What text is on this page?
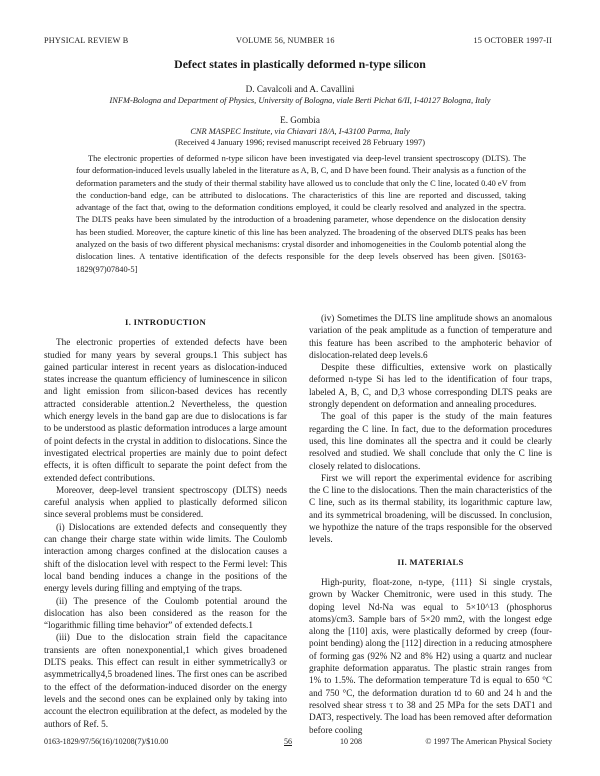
PHYSICAL REVIEW B	VOLUME 56, NUMBER 16	15 OCTOBER 1997-II
Defect states in plastically deformed n-type silicon
D. Cavalcoli and A. Cavallini
INFM-Bologna and Department of Physics, University of Bologna, viale Berti Pichat 6/II, I-40127 Bologna, Italy
E. Gombia
CNR MASPEC Institute, via Chiavari 18/A, I-43100 Parma, Italy
(Received 4 January 1996; revised manuscript received 28 February 1997)
The electronic properties of deformed n-type silicon have been investigated via deep-level transient spectroscopy (DLTS). The four deformation-induced levels usually labeled in the literature as A, B, C, and D have been found. Their analysis as a function of the deformation parameters and the study of their thermal stability have allowed us to conclude that only the C line, located 0.40 eV from the conduction-band edge, can be attributed to dislocations. The characteristics of this line are reported and discussed, taking advantage of the fact that, owing to the deformation conditions employed, it could be clearly resolved and analyzed in the spectra. The DLTS peaks have been simulated by the introduction of a broadening parameter, whose dependence on the dislocation density has been studied. Moreover, the capture kinetic of this line has been analyzed. The broadening of the observed DLTS peaks has been analyzed on the basis of two different physical mechanisms: crystal disorder and inhomogeneities in the Coulomb potential along the dislocation lines. A tentative identification of the defects responsible for the deep levels observed has been given. [S0163-1829(97)07840-5]
I. INTRODUCTION

The electronic properties of extended defects have been studied for many years by several groups.1 This subject has gained particular interest in recent years as dislocation-induced states increase the quantum efficiency of luminescence in silicon and light emission from silicon-based devices has recently attracted considerable attention.2 Nevertheless, the question which energy levels in the band gap are due to dislocations is far to be understood as plastic deformation introduces a large amount of point defects in the crystal in addition to dislocations. Since the investigated electrical properties are mainly due to point defect effects, it is often difficult to separate the point defect from the extended defect contributions.

Moreover, deep-level transient spectroscopy (DLTS) needs careful analysis when applied to plastically deformed silicon since several problems must be considered.

(i) Dislocations are extended defects and consequently they can change their charge state within wide limits. The Coulomb interaction among charges confined at the dislocation causes a shift of the dislocation level with respect to the Fermi level: This local band bending induces a change in the positions of the energy levels during filling and emptying of the traps.

(ii) The presence of the Coulomb potential around the dislocation has also been considered as the reason for the “logarithmic filling time behavior” of extended defects.1

(iii) Due to the dislocation strain field the capacitance transients are often nonexponential,1 which gives broadened DLTS peaks. This effect can result in either symmetrically3 or asymmetrically4,5 broadened lines. The first ones can be ascribed to the effect of the deformation-induced disorder on the energy levels and the second ones can be explained only by taking into account the electron equilibration at the defect, as modeled by the authors of Ref. 5.

(iv) Sometimes the DLTS line amplitude shows an anomalous variation of the peak amplitude as a function of temperature and this feature has been ascribed to the amphoteric behavior of dislocation-related deep levels.6

Despite these difficulties, extensive work on plastically deformed n-type Si has led to the identification of four traps, labeled A, B, C, and D,3 whose corresponding DLTS peaks are strongly dependent on deformation and annealing procedures.

The goal of this paper is the study of the main features regarding the C line. In fact, due to the deformation procedures used, this line dominates all the spectra and it could be clearly resolved and studied. We shall conclude that only the C line is closely related to dislocations.

First we will report the experimental evidence for ascribing the C line to the dislocations. Then the main characteristics of the C line, such as its thermal stability, its logarithmic capture law, and its symmetrical broadening, will be discussed. In conclusion, we hypothize the nature of the traps responsible for the observed levels.

II. MATERIALS

High-purity, float-zone, n-type, {111} Si single crystals, grown by Wacker Chemitronic, were used in this study. The doping level Nd-Na was equal to 5×10^13 (phosphorus atoms)/cm3. Sample bars of 5×20 mm2, with the longest edge along the [110] axis, were plastically deformed by creep (four-point bending) along the [112] direction in a reducing atmosphere of forming gas (92% N2 and 8% H2) using a quartz and nuclear graphite deformation apparatus. The plastic strain ranges from 1% to 1.5%. The deformation temperature Td is equal to 650 °C and 750 °C, the deformation duration td to 60 and 24 h and the resolved shear stress τ to 38 and 25 MPa for the sets DAT1 and DAT3, respectively. The load has been removed after deformation before cooling

0163-1829/97/56(16)/10208(7)/$10.00	56	10 208	© 1997 The American Physical Society
